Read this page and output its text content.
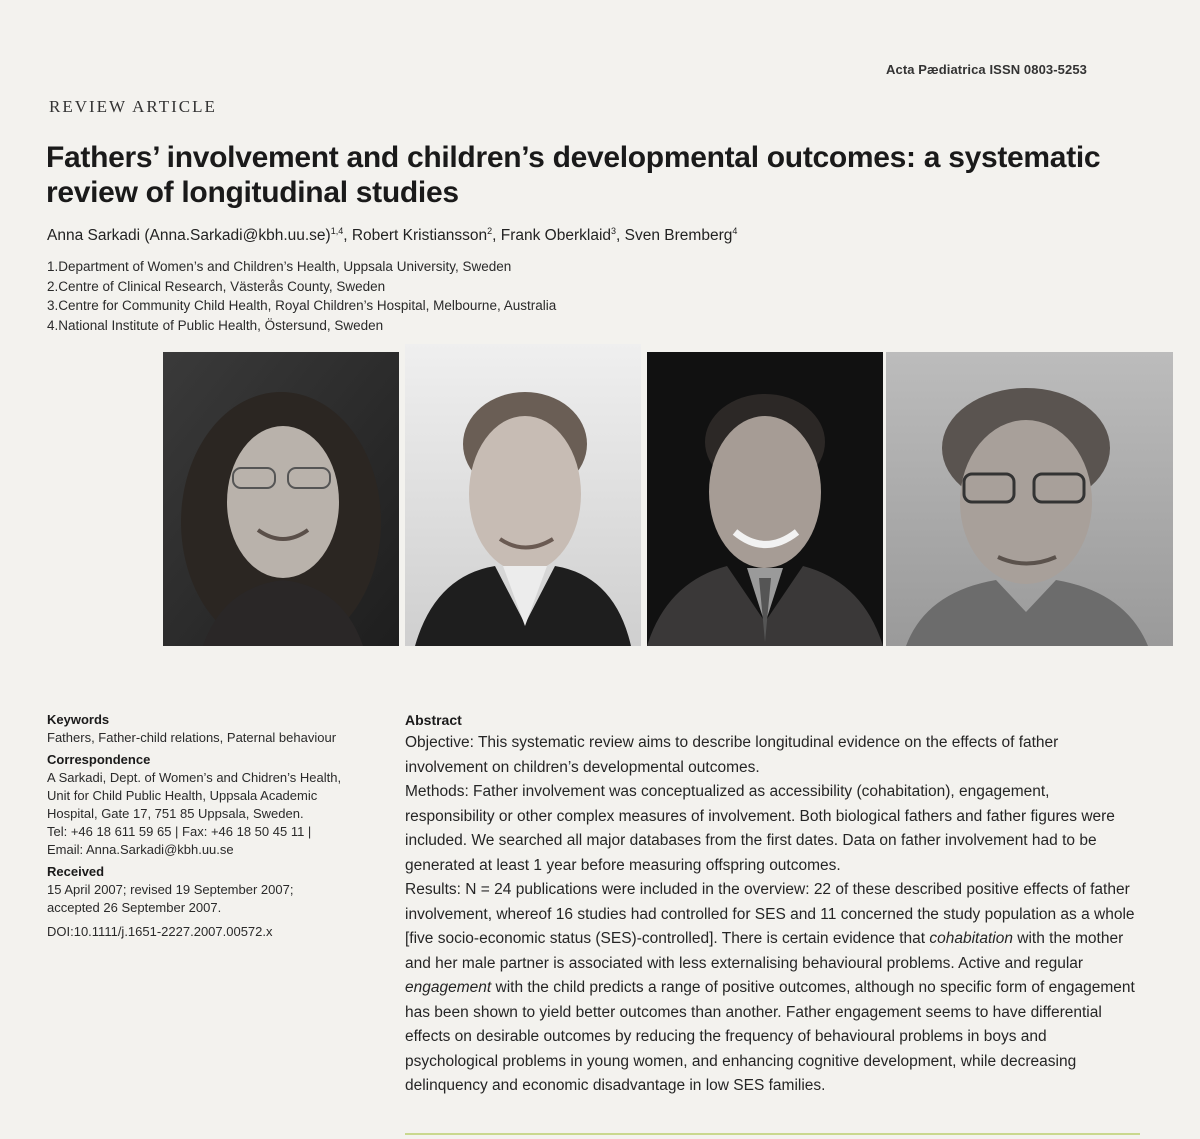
Acta Pædiatrica ISSN 0803-5253
REVIEW ARTICLE
Fathers’ involvement and children’s developmental outcomes: a systematic review of longitudinal studies
Anna Sarkadi (Anna.Sarkadi@kbh.uu.se)$^{1,4}$, Robert Kristiansson$^2$, Frank Oberklaid$^3$, Sven Bremberg$^4$
1.Department of Women’s and Children’s Health, Uppsala University, Sweden
2.Centre of Clinical Research, Västerås County, Sweden
3.Centre for Community Child Health, Royal Children’s Hospital, Melbourne, Australia
4.National Institute of Public Health, Östersund, Sweden
Keywords

Fathers, Father-child relations, Paternal behaviour

Correspondence

A Sarkadi, Dept. of Women’s and Chidren’s Health,

Unit for Child Public Health, Uppsala Academic

Hospital, Gate 17, 751 85 Uppsala, Sweden.

Tel: +46 18 611 59 65 | Fax: +46 18 50 45 11 |

Email: Anna.Sarkadi@kbh.uu.se

Received

15 April 2007; revised 19 September 2007;

accepted 26 September 2007.

DOI:10.1111/j.1651-2227.2007.00572.x

Abstract

Objective: This systematic review aims to describe longitudinal evidence on the effects of father involvement on children’s developmental outcomes.

Methods: Father involvement was conceptualized as accessibility (cohabitation), engagement, responsibility or other complex measures of involvement. Both biological fathers and father figures were included. We searched all major databases from the first dates. Data on father involvement had to be generated at least 1 year before measuring offspring outcomes.

Results: N = 24 publications were included in the overview: 22 of these described positive effects of father involvement, whereof 16 studies had controlled for SES and 11 concerned the study population as a whole [five socio-economic status (SES)-controlled]. There is certain evidence that cohabitation with the mother and her male partner is associated with less externalising behavioural problems. Active and regular engagement with the child predicts a range of positive outcomes, although no specific form of engagement has been shown to yield better outcomes than another. Father engagement seems to have differential effects on desirable outcomes by reducing the frequency of behavioural problems in boys and psychological problems in young women, and enhancing cognitive development, while decreasing delinquency and economic disadvantage in low SES families.
